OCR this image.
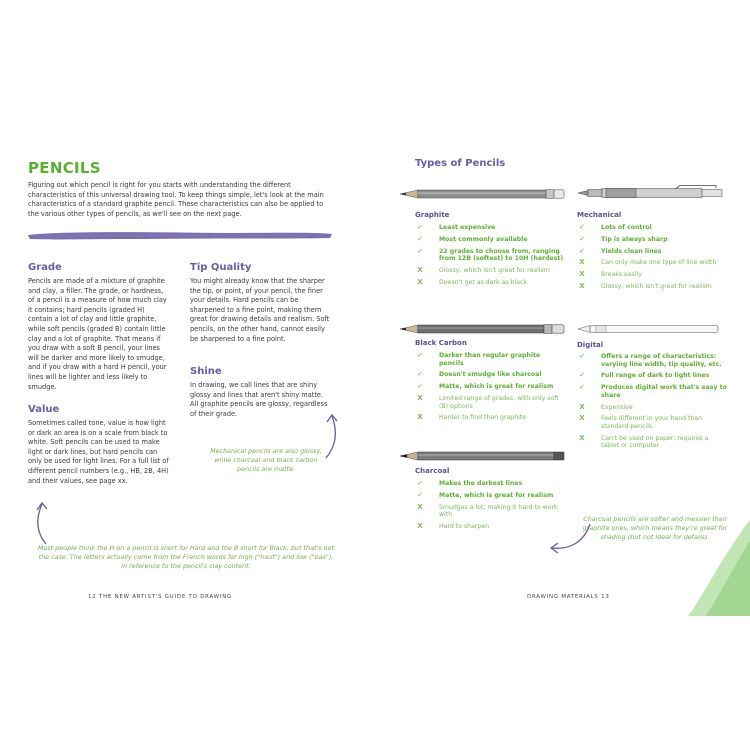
PENCILS
Figuring out which pencil is right for you starts with understanding the different characteristics of this universal drawing tool. To keep things simple, let's look at the main characteristics of a standard graphite pencil. These characteristics can also be applied to the various other types of pencils, as we'll see on the next page.
Grade
Pencils are made of a mixture of graphite and clay, a filler. The grade, or hardness, of a pencil is a measure of how much clay it contains; hard pencils (graded H) contain a lot of clay and little graphite, while soft pencils (graded B) contain little clay and a lot of graphite. That means if you draw with a soft B pencil, your lines will be darker and more likely to smudge, and if you draw with a hard H pencil, your lines will be lighter and less likely to smudge.
Value
Sometimes called tone, value is how light or dark an area is on a scale from black to white. Soft pencils can be used to make light or dark lines, but hard pencils can only be used for light lines. For a full list of different pencil numbers (e.g., HB, 2B, 4H) and their values, see page xx.
Tip Quality
You might already know that the sharper the tip, or point, of your pencil, the finer your details. Hard pencils can be sharpened to a fine point, making them great for drawing details and realism. Soft pencils, on the other hand, cannot easily be sharpened to a fine point.
Shine
In drawing, we call lines that are shiny glossy and lines that aren't shiny matte. All graphite pencils are glossy, regardless of their grade.
Mechanical pencils are also glossy, while charcoal and black carbon pencils are matte.
Most people think the H on a pencil is short for Hard and the B short for Black, but that's not the case. The letters actually come from the French words for high ("haut") and low ("bas"), in reference to the pencil's clay content.
12 THE NEW ARTIST'S GUIDE TO DRAWING
Types of Pencils
Graphite
✓	Least expensive
✓	Most commonly available
✓	22 grades to choose from, ranging from 12B (softest) to 10H (hardest)
X	Glossy, which isn't great for realism
X	Doesn't get as dark as black
Mechanical
✓	Lots of control
✓	Tip is always sharp
✓	Yields clean lines
X	Can only make one type of line width
X	Breaks easily
X	Glossy, which isn't great for realism
Black Carbon
✓	Darker than regular graphite pencils
✓	Doesn't smudge like charcoal
✓	Matte, which is great for realism
X	Limited range of grades, with only soft (B) options
X	Harder to find than graphite
Digital
✓	Offers a range of characteristics: varying line width, tip quality, etc.
✓	Full range of dark to light lines
✓	Produces digital work that's easy to share
X	Expensive
X	Feels different in your hand than standard pencils
X	Can't be used on paper; requires a tablet or computer
Charcoal
✓	Makes the darkest lines
✓	Matte, which is great for realism
X	Smudges a lot, making it hard to work with
X	Hard to sharpen
Charcoal pencils are softer and messier than graphite ones, which means they're great for shading (but not ideal for details).
DRAWING MATERIALS 13
